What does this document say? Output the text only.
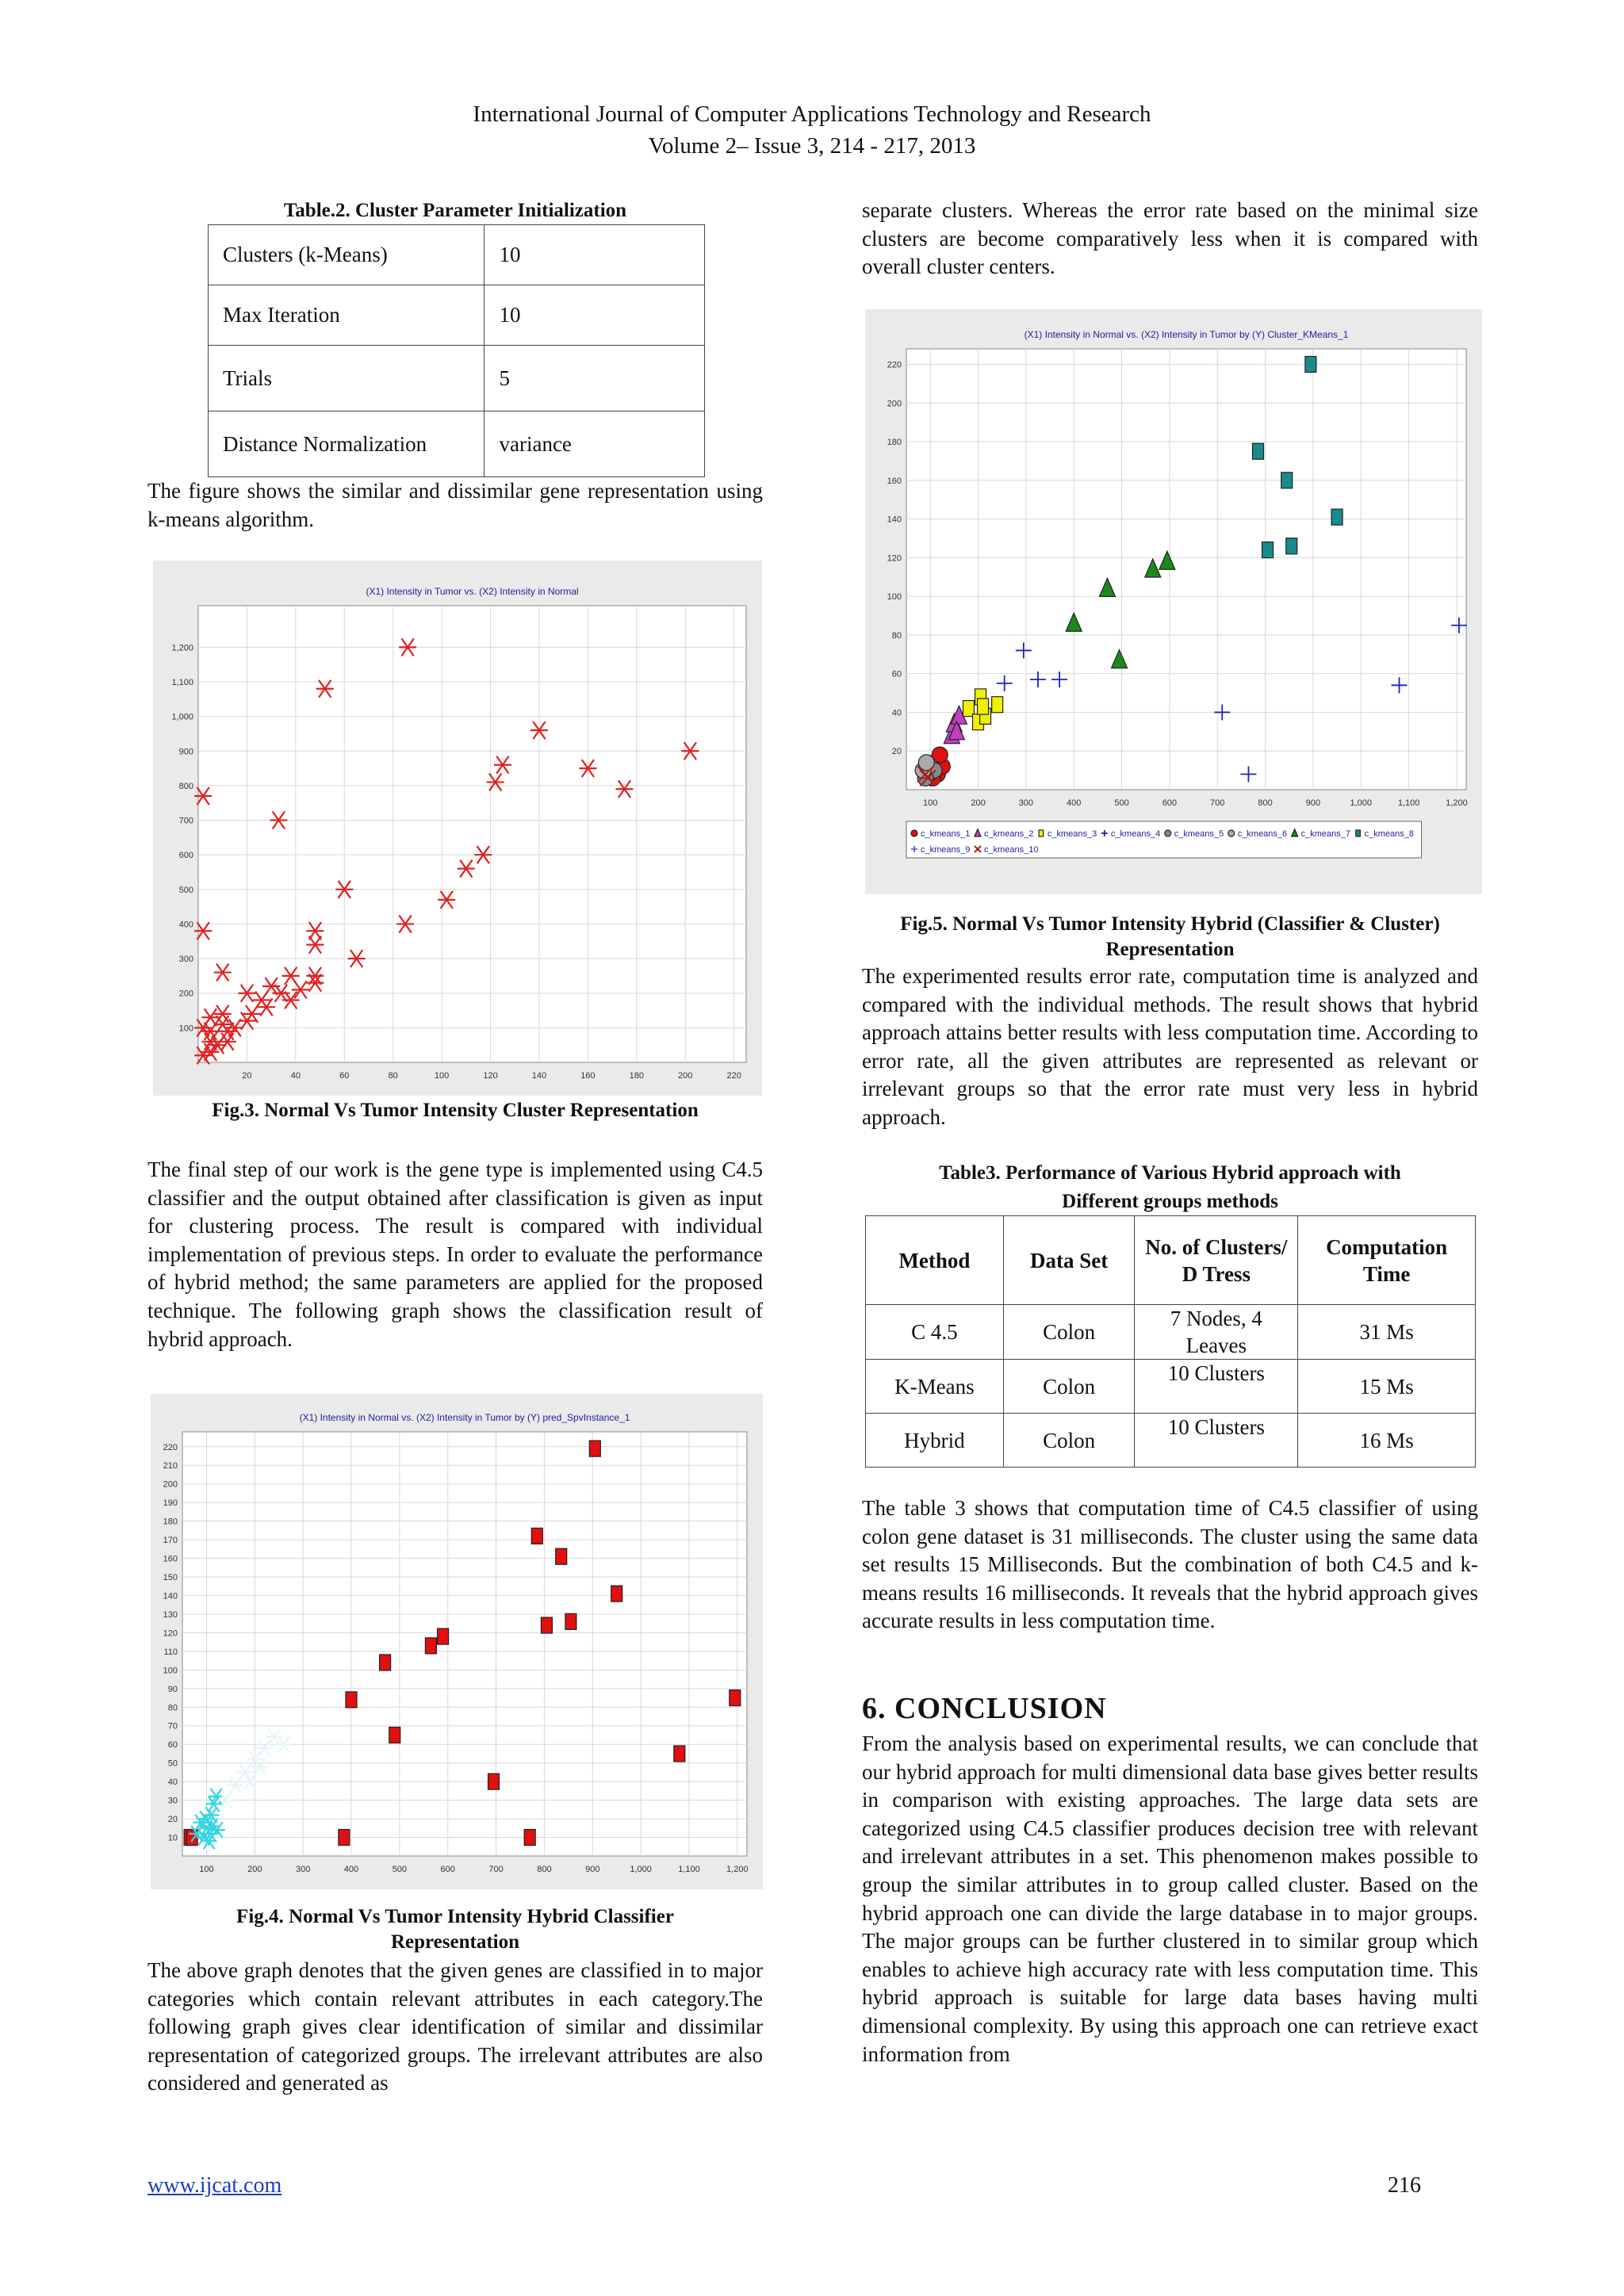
International Journal of Computer Applications Technology and Research
Volume 2– Issue 3, 214 - 217, 2013

Table.2. Cluster Parameter Initialization

Clusters (k-Means)	10
Max Iteration	10
Trials	5
Distance Normalization	variance

The figure shows the similar and dissimilar gene representation using k-means algorithm.

(X1) Intensity in Tumor vs. (X2) Intensity in Normal
100
200
300
400
500
600
700
800
900
1,000
1,100
1,200
20	40	60	80	100	120	140	160	180	200	220

Fig.3. Normal Vs Tumor Intensity Cluster Representation

The final step of our work is the gene type is implemented using C4.5 classifier and the output obtained after classification is given as input for clustering process. The result is compared with individual implementation of previous steps. In order to evaluate the performance of hybrid method; the same parameters are applied for the proposed technique. The following graph shows the classification result of hybrid approach.

(X1) Intensity in Normal vs. (X2) Intensity in Tumor by (Y) pred_SpvInstance_1
10
20
30
40
50
60
70
80
90
100
110
120
130
140
150
160
170
180
190
200
210
220
100	200	300	400	500	600	700	800	900	1,000	1,100	1,200

Fig.4. Normal Vs Tumor Intensity Hybrid Classifier

Representation

The above graph denotes that the given genes are classified in to major categories which contain relevant attributes in each category.The following graph gives clear identification of similar and dissimilar representation of categorized groups. The irrelevant attributes are also considered and generated as

separate clusters. Whereas the error rate based on the minimal size clusters are become comparatively less when it is compared with overall cluster centers.

(X1) Intensity in Normal vs. (X2) Intensity in Tumor by (Y) Cluster_KMeans_1
20
40
60
80
100
120
140
160
180
200
220
100	200	300	400	500	600	700	800	900	1,000	1,100	1,200
c_kmeans_1 c_kmeans_2 c_kmeans_3 c_kmeans_4 c_kmeans_5 c_kmeans_6 c_kmeans_7 c_kmeans_8
c_kmeans_9 c_kmeans_10

Fig.5. Normal Vs Tumor Intensity Hybrid (Classifier & Cluster)

Representation

The experimented results error rate, computation time is analyzed and compared with the individual methods. The result shows that hybrid approach attains better results with less computation time. According to error rate, all the given attributes are represented as relevant or irrelevant groups so that the error rate must very less in hybrid approach.

Table3. Performance of Various Hybrid approach with

Different groups methods

Method	Data Set	No. of Clusters/ D Tress	Computation Time
C 4.5	Colon	7 Nodes, 4 Leaves	31 Ms
K-Means	Colon	10 Clusters	15 Ms
Hybrid	Colon	10 Clusters	16 Ms

The table 3 shows that computation time of C4.5 classifier of using colon gene dataset is 31 milliseconds. The cluster using the same data set results 15 Milliseconds. But the combination of both C4.5 and k-means results 16 milliseconds. It reveals that the hybrid approach gives accurate results in less computation time.

6. CONCLUSION

From the analysis based on experimental results, we can conclude that our hybrid approach for multi dimensional data base gives better results in comparison with existing approaches. The large data sets are categorized using C4.5 classifier produces decision tree with relevant and irrelevant attributes in a set. This phenomenon makes possible to group the similar attributes in to group called cluster. Based on the hybrid approach one can divide the large database in to major groups. The major groups can be further clustered in to similar group which enables to achieve high accuracy rate with less computation time. This hybrid approach is suitable for large data bases having multi dimensional complexity. By using this approach one can retrieve exact information from

www.ijcat.com	216
